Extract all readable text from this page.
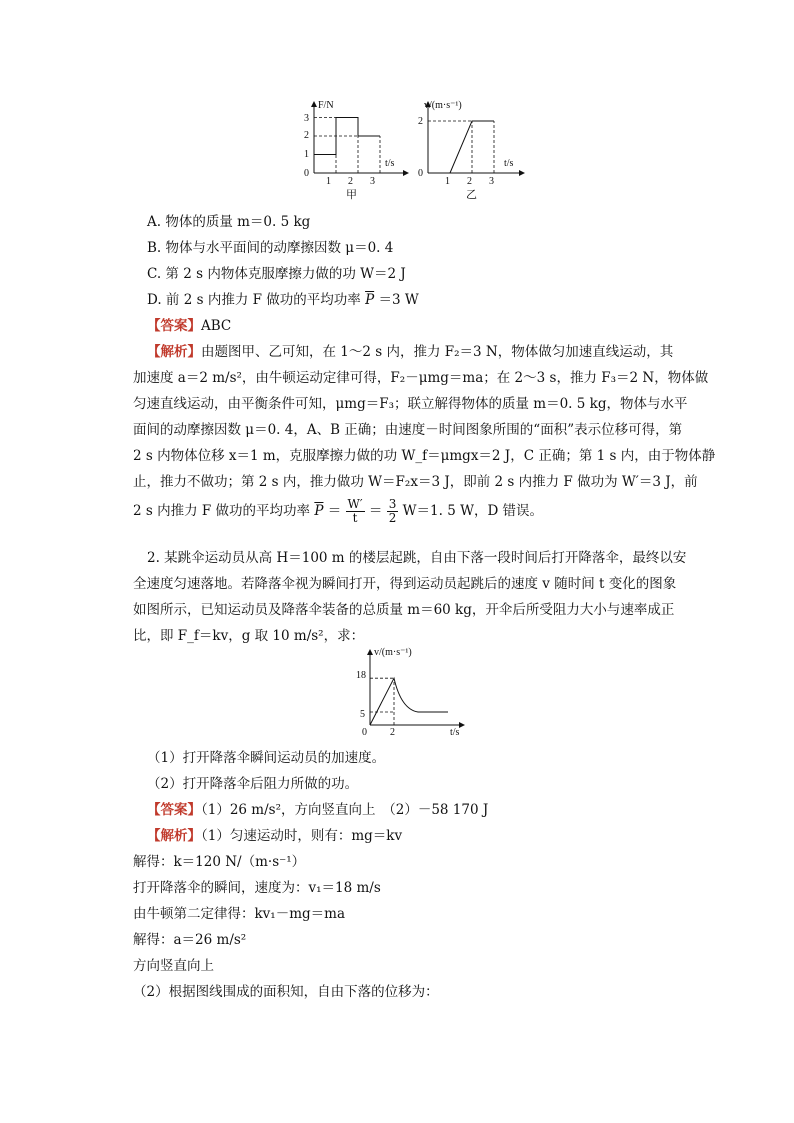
F/N
t/s
3
2
1
0
1 2 3
甲
v/(m·s⁻¹)
t/s
2
0
1 2 3
乙
A. 物体的质量 m＝0. 5 kg
B. 物体与水平面间的动摩擦因数 μ＝0. 4
C. 第 2 s 内物体克服摩擦力做的功 W＝2 J
D. 前 2 s 内推力 F 做功的平均功率 $\overline{P} =3$ W
【答案】ABC
【解析】由题图甲、乙可知，在 1～2 s 内，推力 F₂＝3 N，物体做匀加速直线运动，其
加速度 a＝2 m/s²，由牛顿运动定律可得，F₂－μmg＝ma；在 2～3 s，推力 F₃＝2 N，物体做
匀速直线运动，由平衡条件可知，μmg＝F₃；联立解得物体的质量 m＝0. 5 kg，物体与水平
面间的动摩擦因数 μ＝0. 4，A、B 正确；由速度－时间图象所围的“面积”表示位移可得，第
2 s 内物体位移 x＝1 m，克服摩擦力做的功 W_f＝μmgx＝2 J，C 正确；第 1 s 内，由于物体静
止，推力不做功；第 2 s 内，推力做功 W＝F₂x＝3 J，即前 2 s 内推力 F 做功为 W′＝3 J，前
2 s 内推力 F 做功的平均功率 $\overline{P} = \frac{W'}{t} = \frac{3}{2} W=1$. 5 W，D 错误。
2. 某跳伞运动员从高 H＝100 m 的楼层起跳，自由下落一段时间后打开降落伞，最终以安
全速度匀速落地。若降落伞视为瞬间打开，得到运动员起跳后的速度 v 随时间 t 变化的图象
如图所示，已知运动员及降落伞装备的总质量 m＝60 kg，开伞后所受阻力大小与速率成正
比，即 F_f＝kv，g 取 10 m/s²，求：
v/(m·s⁻¹)
t/s
18
5
0 2
（1）打开降落伞瞬间运动员的加速度。
（2）打开降落伞后阻力所做的功。
【答案】（1）26 m/s²，方向竖直向上　（2）－58 170 J
【解析】（1）匀速运动时，则有：mg＝kv
解得：k＝120 N/（m·s⁻¹）
打开降落伞的瞬间，速度为：v₁＝18 m/s
由牛顿第二定律得：kv₁－mg＝ma
解得：a＝26 m/s²
方向竖直向上
（2）根据图线围成的面积知，自由下落的位移为：
